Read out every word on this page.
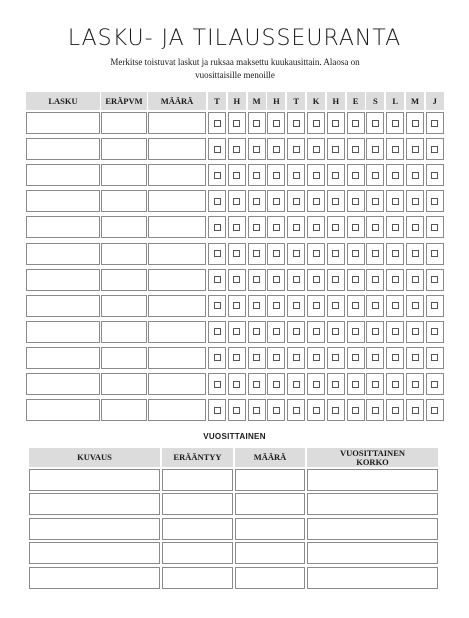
LASKU- JA TILAUSSEURANTA
Merkitse toistuvat laskut ja ruksaa maksettu kuukausittain. Alaosa on vuosittaisille menoille
LASKU	ERÄPVM	MÄÄRÄ	T	H	M	H	T	K	H	E	S	L	M	J
VUOSITTAINEN
KUVAUS	ERÄÄNTYY	MÄÄRÄ	VUOSITTAINEN KORKO
